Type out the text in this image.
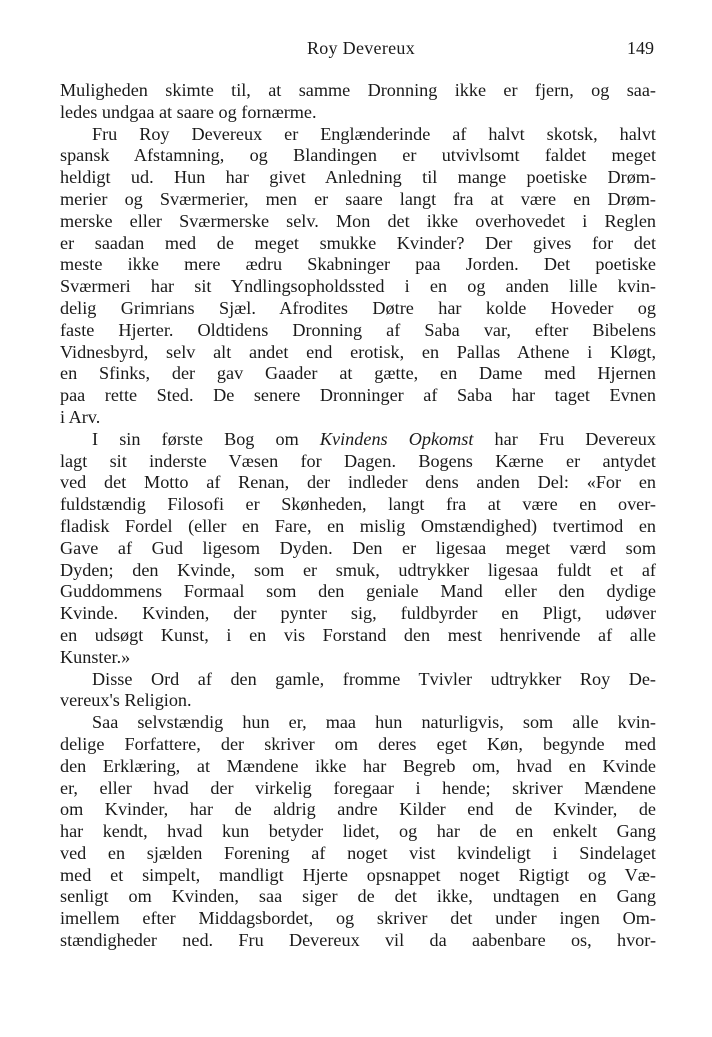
Roy Devereux	149
Muligheden skimte til, at samme Dronning ikke er fjern, og saa-
ledes undgaa at saare og fornærme.
Fru Roy Devereux er Englænderinde af halvt skotsk, halvt
spansk Afstamning, og Blandingen er utvivlsomt faldet meget
heldigt ud. Hun har givet Anledning til mange poetiske Drøm-
merier og Sværmerier, men er saare langt fra at være en Drøm-
merske eller Sværmerske selv. Mon det ikke overhovedet i Reglen
er saadan med de meget smukke Kvinder? Der gives for det
meste ikke mere ædru Skabninger paa Jorden. Det poetiske
Sværmeri har sit Yndlingsopholdssted i en og anden lille kvin-
delig Grimrians Sjæl. Afrodites Døtre har kolde Hoveder og
faste Hjerter. Oldtidens Dronning af Saba var, efter Bibelens
Vidnesbyrd, selv alt andet end erotisk, en Pallas Athene i Kløgt,
en Sfinks, der gav Gaader at gætte, en Dame med Hjernen
paa rette Sted. De senere Dronninger af Saba har taget Evnen
i Arv.
I sin første Bog om Kvindens Opkomst har Fru Devereux
lagt sit inderste Væsen for Dagen. Bogens Kærne er antydet
ved det Motto af Renan, der indleder dens anden Del: «For en
fuldstændig Filosofi er Skønheden, langt fra at være en over-
fladisk Fordel (eller en Fare, en mislig Omstændighed) tvertimod en
Gave af Gud ligesom Dyden. Den er ligesaa meget værd som
Dyden; den Kvinde, som er smuk, udtrykker ligesaa fuldt et af
Guddommens Formaal som den geniale Mand eller den dydige
Kvinde. Kvinden, der pynter sig, fuldbyrder en Pligt, udøver
en udsøgt Kunst, i en vis Forstand den mest henrivende af alle
Kunster.»
Disse Ord af den gamle, fromme Tvivler udtrykker Roy De-
vereux's Religion.
Saa selvstændig hun er, maa hun naturligvis, som alle kvin-
delige Forfattere, der skriver om deres eget Køn, begynde med
den Erklæring, at Mændene ikke har Begreb om, hvad en Kvinde
er, eller hvad der virkelig foregaar i hende; skriver Mændene
om Kvinder, har de aldrig andre Kilder end de Kvinder, de
har kendt, hvad kun betyder lidet, og har de en enkelt Gang
ved en sjælden Forening af noget vist kvindeligt i Sindelaget
med et simpelt, mandligt Hjerte opsnappet noget Rigtigt og Væ-
senligt om Kvinden, saa siger de det ikke, undtagen en Gang
imellem efter Middagsbordet, og skriver det under ingen Om-
stændigheder ned. Fru Devereux vil da aabenbare os, hvor-
